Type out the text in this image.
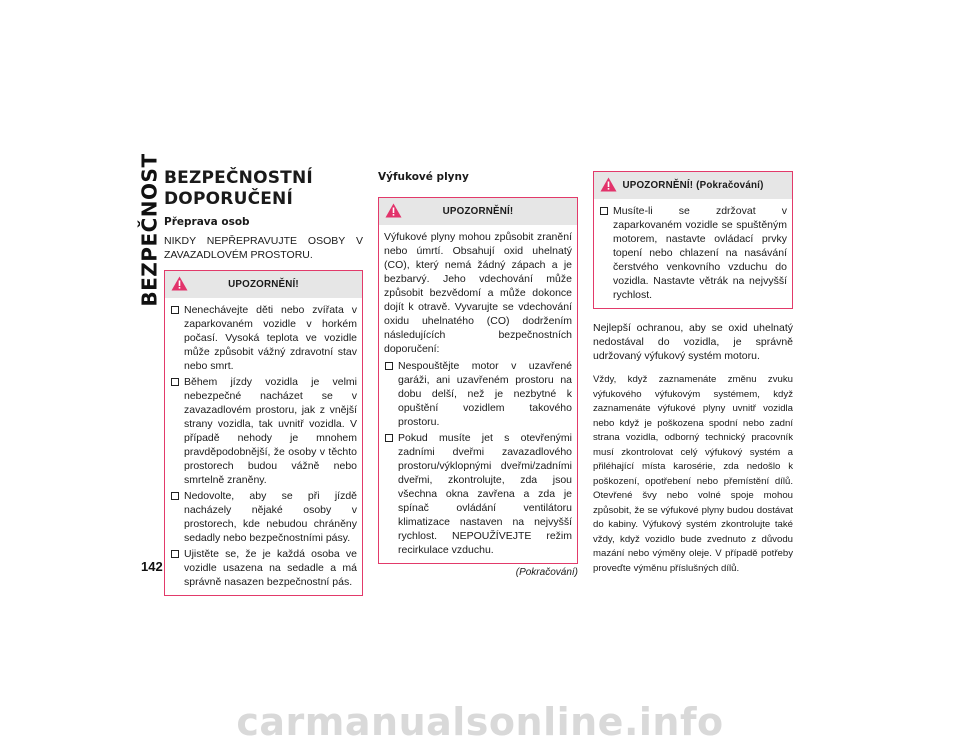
BEZPEČNOST
142
BEZPEČNOSTNÍ DOPORUČENÍ
Přeprava osob

NIKDY NEPŘEPRAVUJTE OSOBY V ZAVAZADLOVÉM PROSTORU.

UPOZORNĚNÍ!
Nenechávejte děti nebo zvířata v zaparkovaném vozidle v horkém počasí. Vysoká teplota ve vozidle může způsobit vážný zdravotní stav nebo smrt.
Během jízdy vozidla je velmi nebezpečné nacházet se v zavazadlovém prostoru, jak z vnější strany vozidla, tak uvnitř vozidla. V případě nehody je mnohem pravděpodobnější, že osoby v těchto prostorech budou vážně nebo smrtelně zraněny.
Nedovolte, aby se při jízdě nacházely nějaké osoby v prostorech, kde nebudou chráněny sedadly nebo bezpečnostními pásy.
Ujistěte se, že je každá osoba ve vozidle usazena na sedadle a má správně nasazen bezpečnostní pás.
Výfukové plyny
UPOZORNĚNÍ!

Výfukové plyny mohou způsobit zranění nebo úmrtí. Obsahují oxid uhelnatý (CO), který nemá žádný zápach a je bezbarvý. Jeho vdechování může způsobit bezvědomí a může dokonce dojít k otravě. Vyvarujte se vdechování oxidu uhelnatého (CO) dodržením následujících bezpečnostních doporučení:

Nespouštějte motor v uzavřené garáži, ani uzavřeném prostoru na dobu delší, než je nezbytné k opuštění vozidlem takového prostoru.
Pokud musíte jet s otevřenými zadními dveřmi zavazadlového prostoru/výklopnými dveřmi/zadními dveřmi, zkontrolujte, zda jsou všechna okna zavřena a zda je spínač ovládání ventilátoru klimatizace nastaven na nejvyšší rychlost. NEPOUŽÍVEJTE režim recirkulace vzduchu.
(Pokračování)
UPOZORNĚNÍ! (Pokračování)
Musíte-li se zdržovat v zaparkovaném vozidle se spuštěným motorem, nastavte ovládací prvky topení nebo chlazení na nasávání čerstvého venkovního vzduchu do vozidla. Nastavte větrák na nejvyšší rychlost.

Nejlepší ochranou, aby se oxid uhelnatý nedostával do vozidla, je správně udržovaný výfukový systém motoru.

Vždy, když zaznamenáte změnu zvuku výfukového výfukovým systémem, když zaznamenáte výfukové plyny uvnitř vozidla nebo když je poškozena spodní nebo zadní strana vozidla, odborný technický pracovník musí zkontrolovat celý výfukový systém a přiléhající místa karosérie, zda nedošlo k poškození, opotřebení nebo přemístění dílů. Otevřené švy nebo volné spoje mohou způsobit, že se výfukové plyny budou dostávat do kabiny. Výfukový systém zkontrolujte také vždy, když vozidlo bude zvednuto z důvodu mazání nebo výměny oleje. V případě potřeby proveďte výměnu příslušných dílů.

carmanualsonline.info
